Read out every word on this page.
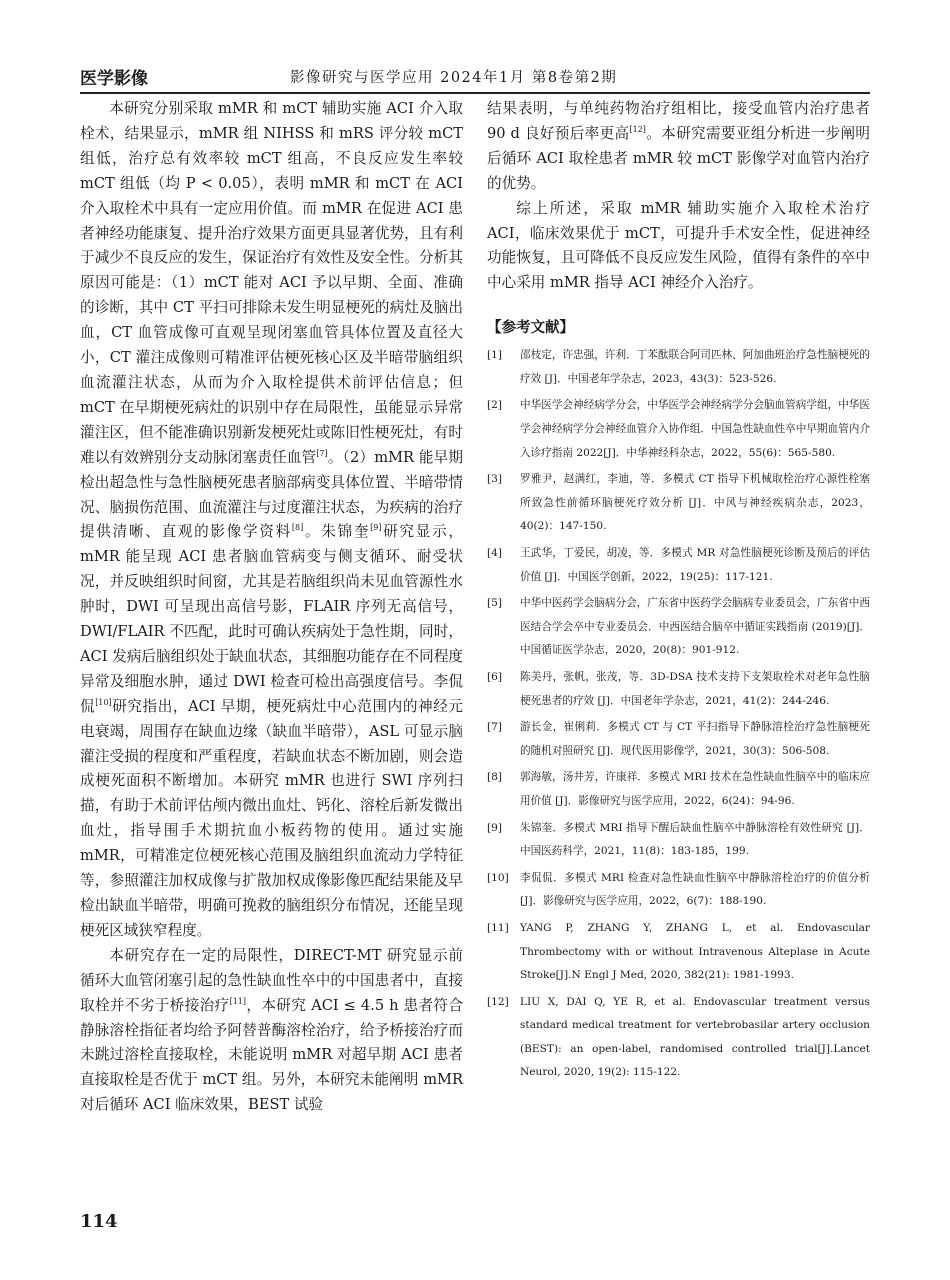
医学影像	影像研究与医学应用 2024年1月 第8卷第2期

本研究分别采取 mMR 和 mCT 辅助实施 ACI 介入取栓术，结果显示，mMR 组 NIHSS 和 mRS 评分较 mCT 组低，治疗总有效率较 mCT 组高，不良反应发生率较 mCT 组低（均 P < 0.05），表明 mMR 和 mCT 在 ACI 介入取栓术中具有一定应用价值。而 mMR 在促进 ACI 患者神经功能康复、提升治疗效果方面更具显著优势，且有利于减少不良反应的发生，保证治疗有效性及安全性。分析其原因可能是：（1）mCT 能对 ACI 予以早期、全面、准确的诊断，其中 CT 平扫可排除未发生明显梗死的病灶及脑出血，CT 血管成像可直观呈现闭塞血管具体位置及直径大小，CT 灌注成像则可精准评估梗死核心区及半暗带脑组织血流灌注状态，从而为介入取栓提供术前评估信息；但 mCT 在早期梗死病灶的识别中存在局限性，虽能显示异常灌注区，但不能准确识别新发梗死灶或陈旧性梗死灶，有时难以有效辨别分支动脉闭塞责任血管[7]。（2）mMR 能早期检出超急性与急性脑梗死患者脑部病变具体位置、半暗带情况、脑损伤范围、血流灌注与过度灌注状态，为疾病的治疗提供清晰、直观的影像学资料[8]。朱锦奎[9]研究显示，mMR 能呈现 ACI 患者脑血管病变与侧支循环、耐受状况，并反映组织时间窗，尤其是若脑组织尚未见血管源性水肿时，DWI 可呈现出高信号影，FLAIR 序列无高信号，DWI/FLAIR 不匹配，此时可确认疾病处于急性期，同时，ACI 发病后脑组织处于缺血状态，其细胞功能存在不同程度异常及细胞水肿，通过 DWI 检查可检出高强度信号。李侃侃[10]研究指出，ACI 早期，梗死病灶中心范围内的神经元电衰竭，周围存在缺血边缘（缺血半暗带），ASL 可显示脑灌注受损的程度和严重程度，若缺血状态不断加剧，则会造成梗死面积不断增加。本研究 mMR 也进行 SWI 序列扫描，有助于术前评估颅内微出血灶、钙化、溶栓后新发微出血灶，指导围手术期抗血小板药物的使用。通过实施 mMR，可精准定位梗死核心范围及脑组织血流动力学特征等，参照灌注加权成像与扩散加权成像影像匹配结果能及早检出缺血半暗带，明确可挽救的脑组织分布情况，还能呈现梗死区域狭窄程度。

本研究存在一定的局限性，DIRECT-MT 研究显示前循环大血管闭塞引起的急性缺血性卒中的中国患者中，直接取栓并不劣于桥接治疗[11]，本研究 ACI ≤ 4.5 h 患者符合静脉溶栓指征者均给予阿替普酶溶栓治疗，给予桥接治疗而未跳过溶栓直接取栓，未能说明 mMR 对超早期 ACI 患者直接取栓是否优于 mCT 组。另外，本研究未能阐明 mMR 对后循环 ACI 临床效果，BEST 试验

结果表明，与单纯药物治疗组相比，接受血管内治疗患者 90 d 良好预后率更高[12]。本研究需要亚组分析进一步阐明后循环 ACI 取栓患者 mMR 较 mCT 影像学对血管内治疗的优势。

综上所述，采取 mMR 辅助实施介入取栓术治疗 ACI，临床效果优于 mCT，可提升手术安全性，促进神经功能恢复，且可降低不良反应发生风险，值得有条件的卒中中心采用 mMR 指导 ACI 神经介入治疗。

【参考文献】
[1] 邵枝定，许忠强，许利．丁苯酞联合阿司匹林、阿加曲班治疗急性脑梗死的疗效 [J]．中国老年学杂志，2023，43(3)：523-526.
[2] 中华医学会神经病学分会，中华医学会神经病学分会脑血管病学组，中华医学会神经病学分会神经血管介入协作组．中国急性缺血性卒中早期血管内介入诊疗指南 2022[J]．中华神经科杂志，2022，55(6)：565-580.
[3] 罗雅尹，赵满红，李迪，等．多模式 CT 指导下机械取栓治疗心源性栓塞所致急性前循环脑梗死疗效分析 [J]．中风与神经疾病杂志，2023，40(2)：147-150.
[4] 王武华，丁爱民，胡凌，等．多模式 MR 对急性脑梗死诊断及预后的评估价值 [J]．中国医学创新，2022，19(25)：117-121.
[5] 中华中医药学会脑病分会，广东省中医药学会脑病专业委员会，广东省中西医结合学会卒中专业委员会．中西医结合脑卒中循证实践指南 (2019)[J]．中国循证医学杂志，2020，20(8)：901-912.
[6] 陈美丹，张帆，张茂，等．3D-DSA 技术支持下支架取栓术对老年急性脑梗死患者的疗效 [J]．中国老年学杂志，2021，41(2)：244-246.
[7] 游长金，崔俐莉．多模式 CT 与 CT 平扫指导下静脉溶栓治疗急性脑梗死的随机对照研究 [J]．现代医用影像学，2021，30(3)：506-508.
[8] 郭海敏，汤井芳，许康祥．多模式 MRI 技术在急性缺血性脑卒中的临床应用价值 [J]．影像研究与医学应用，2022，6(24)：94-96.
[9] 朱锦奎．多模式 MRI 指导下醒后缺血性脑卒中静脉溶栓有效性研究 [J]．中国医药科学，2021，11(8)：183-185，199.
[10] 李侃侃．多模式 MRI 检查对急性缺血性脑卒中静脉溶栓治疗的价值分析 [J]．影像研究与医学应用，2022，6(7)：188-190.
[11] YANG P, ZHANG Y, ZHANG L, et al. Endovascular Thrombectomy with or without Intravenous Alteplase in Acute Stroke[J].N Engl J Med, 2020, 382(21): 1981-1993.
[12] LIU X, DAI Q, YE R, et al. Endovascular treatment versus standard medical treatment for vertebrobasilar artery occlusion (BEST): an open-label, randomised controlled trial[J].Lancet Neurol, 2020, 19(2): 115-122.
114
